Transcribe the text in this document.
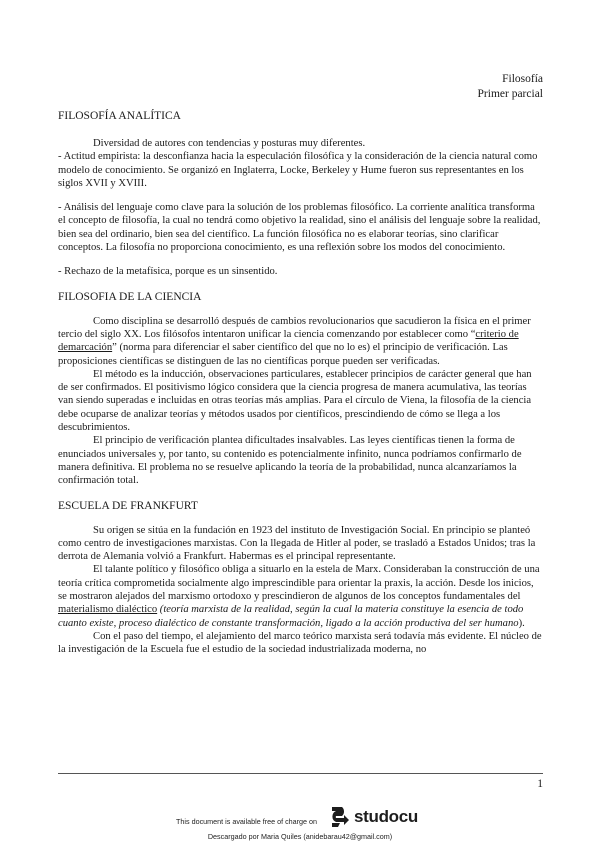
Filosofía
Primer parcial

FILOSOFÍA ANALÍTICA

Diversidad de autores con tendencias y posturas muy diferentes.

- Actitud empirista: la desconfianza hacia la especulación filosófica y la consideración de la ciencia natural como modelo de conocimiento. Se organizó en Inglaterra, Locke, Berkeley y Hume fueron sus representantes en los siglos XVII y XVIII.

- Análisis del lenguaje como clave para la solución de los problemas filosófico. La corriente analítica transforma el concepto de filosofía, la cual no tendrá como objetivo la realidad, sino el análisis del lenguaje sobre la realidad, bien sea del ordinario, bien sea del científico. La función filosófica no es elaborar teorías, sino clarificar conceptos. La filosofía no proporciona conocimiento, es una reflexión sobre los modos del conocimiento.

- Rechazo de la metafísica, porque es un sinsentido.

FILOSOFIA DE LA CIENCIA

Como disciplina se desarrolló después de cambios revolucionarios que sacudieron la física en el primer tercio del siglo XX. Los filósofos intentaron unificar la ciencia comenzando por establecer como “criterio de demarcación” (norma para diferenciar el saber científico del que no lo es) el principio de verificación. Las proposiciones científicas se distinguen de las no científicas porque pueden ser verificadas.

El método es la inducción, observaciones particulares, establecer principios de carácter general que han de ser confirmados. El positivismo lógico considera que la ciencia progresa de manera acumulativa, las teorías van siendo superadas e incluidas en otras teorías más amplias. Para el círculo de Viena, la filosofía de la ciencia debe ocuparse de analizar teorías y métodos usados por científicos, prescindiendo de cómo se llega a los descubrimientos.

El principio de verificación plantea dificultades insalvables. Las leyes científicas tienen la forma de enunciados universales y, por tanto, su contenido es potencialmente infinito, nunca podríamos confirmarlo de manera definitiva. El problema no se resuelve aplicando la teoría de la probabilidad, nunca alcanzaríamos la confirmación total.

ESCUELA DE FRANKFURT

Su origen se sitúa en la fundación en 1923 del instituto de Investigación Social. En principio se planteó como centro de investigaciones marxistas. Con la llegada de Hitler al poder, se trasladó a Estados Unidos; tras la derrota de Alemania volvió a Frankfurt. Habermas es el principal representante.

El talante político y filosófico obliga a situarlo en la estela de Marx. Consideraban la construcción de una teoría crítica comprometida socialmente algo imprescindible para orientar la praxis, la acción. Desde los inicios, se mostraron alejados del marxismo ortodoxo y prescindieron de algunos de los conceptos fundamentales del materialismo dialéctico (teoría marxista de la realidad, según la cual la materia constituye la esencia de todo cuanto existe, proceso dialéctico de constante transformación, ligado a la acción productiva del ser humano).

Con el paso del tiempo, el alejamiento del marco teórico marxista será todavía más evidente. El núcleo de la investigación de la Escuela fue el estudio de la sociedad industrializada moderna, no

1
This document is available free of charge on studocu
Descargado por Maria Quiles (anidebarau42@gmail.com)
